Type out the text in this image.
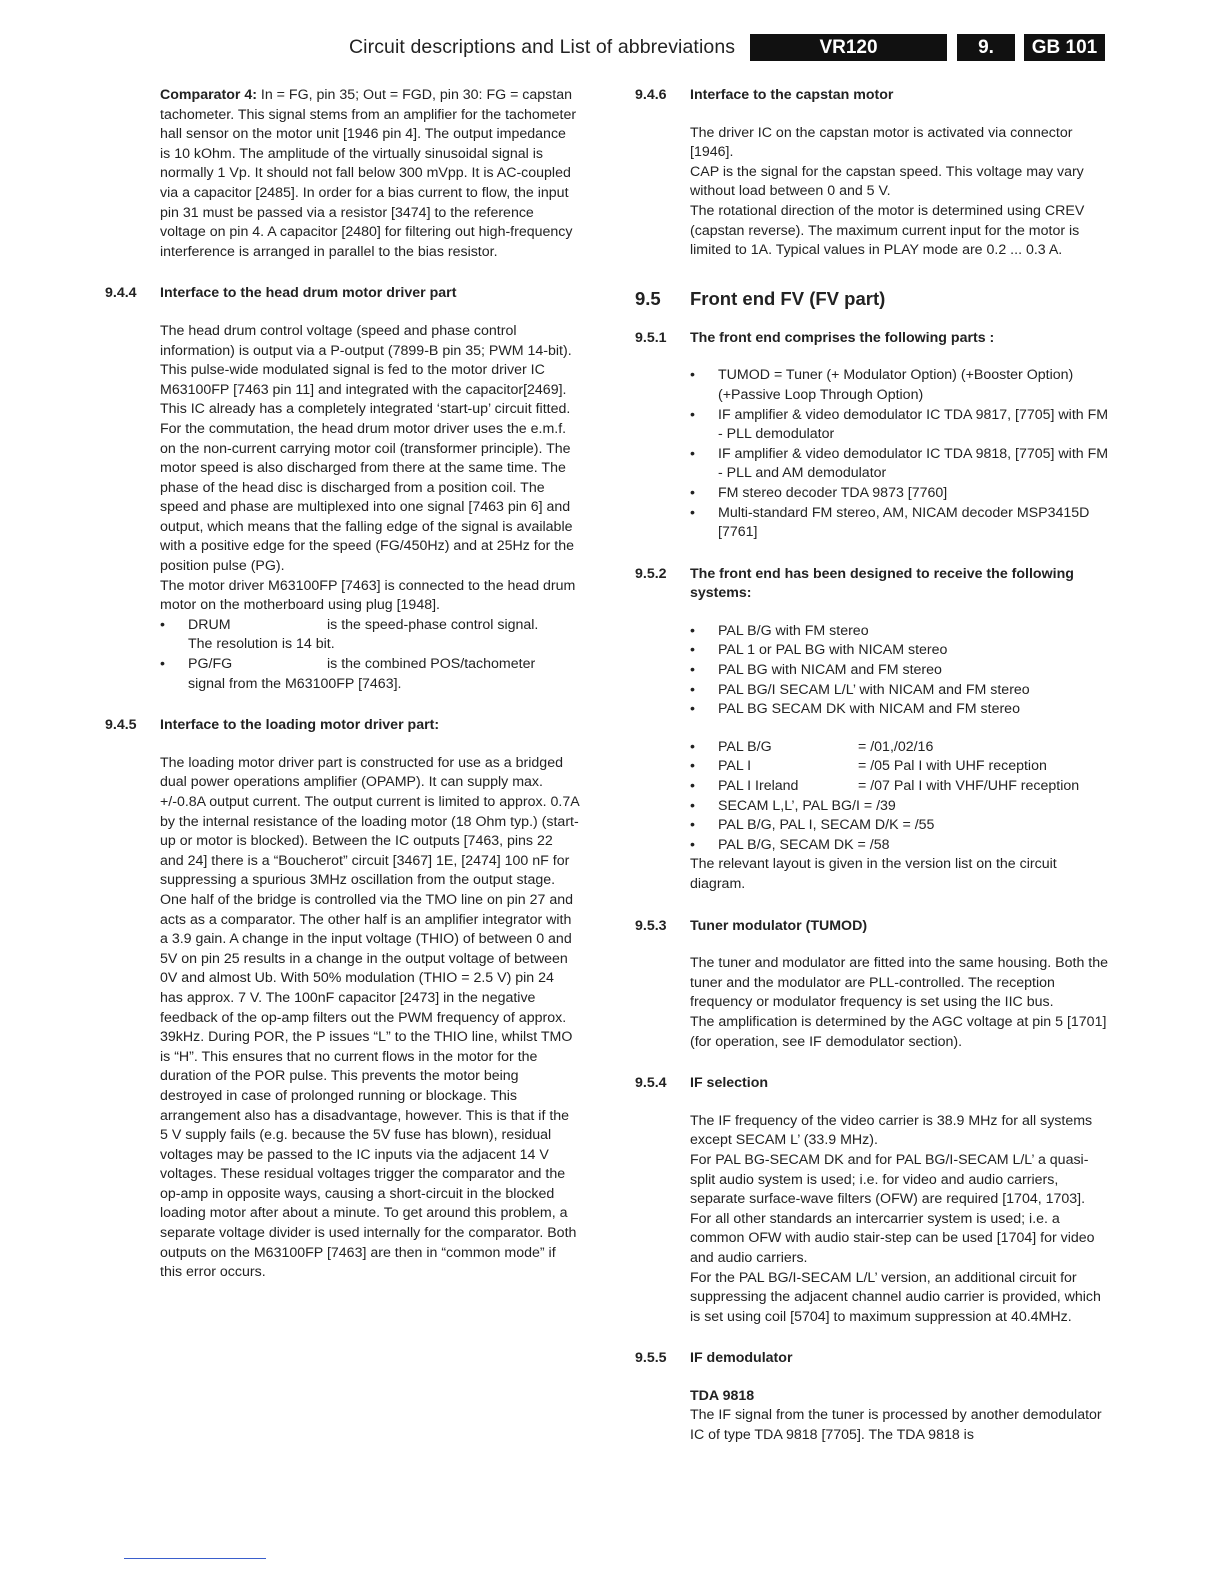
Circuit descriptions and List of abbreviations	VR120	9.	GB 101

Comparator 4: In = FG, pin 35; Out = FGD, pin 30: FG = capstan tachometer. This signal stems from an amplifier for the tachometer hall sensor on the motor unit [1946 pin 4]. The output impedance is 10 kOhm. The amplitude of the virtually sinusoidal signal is normally 1 Vp. It should not fall below 300 mVpp. It is AC-coupled via a capacitor [2485]. In order for a bias current to flow, the input pin 31 must be passed via a resistor [3474] to the reference voltage on pin 4. A capacitor [2480] for filtering out high-frequency interference is arranged in parallel to the bias resistor.

9.4.4 Interface to the head drum motor driver part

The head drum control voltage (speed and phase control information) is output via a P-output (7899-B pin 35; PWM 14-bit). This pulse-wide modulated signal is fed to the motor driver IC M63100FP [7463 pin 11] and integrated with the capacitor[2469]. This IC already has a completely integrated ‘start-up’ circuit fitted. For the commutation, the head drum motor driver uses the e.m.f. on the non-current carrying motor coil (transformer principle). The motor speed is also discharged from there at the same time. The phase of the head disc is discharged from a position coil. The speed and phase are multiplexed into one signal [7463 pin 6] and output, which means that the falling edge of the signal is available with a positive edge for the speed (FG/450Hz) and at 25Hz for the position pulse (PG).

The motor driver M63100FP [7463] is connected to the head drum motor on the motherboard using plug [1948].

• DRUM	is the speed-phase control signal.
The resolution is 14 bit.
• PG/FG	is the combined POS/tachometer
signal from the M63100FP [7463].
9.4.5 Interface to the loading motor driver part:

The loading motor driver part is constructed for use as a bridged dual power operations amplifier (OPAMP). It can supply max. +/-0.8A output current. The output current is limited to approx. 0.7A by the internal resistance of the loading motor (18 Ohm typ.) (start-up or motor is blocked). Between the IC outputs [7463, pins 22 and 24] there is a “Boucherot” circuit [3467] 1E, [2474] 100 nF for suppressing a spurious 3MHz oscillation from the output stage. One half of the bridge is controlled via the TMO line on pin 27 and acts as a comparator. The other half is an amplifier integrator with a 3.9 gain. A change in the input voltage (THIO) of between 0 and 5V on pin 25 results in a change in the output voltage of between 0V and almost Ub. With 50% modulation (THIO = 2.5 V) pin 24 has approx. 7 V. The 100nF capacitor [2473] in the negative feedback of the op-amp filters out the PWM frequency of approx. 39kHz. During POR, the P issues “L” to the THIO line, whilst TMO is “H”. This ensures that no current flows in the motor for the duration of the POR pulse. This prevents the motor being destroyed in case of prolonged running or blockage. This arrangement also has a disadvantage, however. This is that if the 5 V supply fails (e.g. because the 5V fuse has blown), residual voltages may be passed to the IC inputs via the adjacent 14 V voltages. These residual voltages trigger the comparator and the op-amp in opposite ways, causing a short-circuit in the blocked loading motor after about a minute. To get around this problem, a separate voltage divider is used internally for the comparator. Both outputs on the M63100FP [7463] are then in “common mode” if this error occurs.

9.4.6 Interface to the capstan motor

The driver IC on the capstan motor is activated via connector [1946].

CAP is the signal for the capstan speed. This voltage may vary without load between 0 and 5 V.

The rotational direction of the motor is determined using CREV (capstan reverse). The maximum current input for the motor is limited to 1A. Typical values in PLAY mode are 0.2 ... 0.3 A.

9.5 Front end FV (FV part)
9.5.1 The front end comprises the following parts :
• TUMOD = Tuner (+ Modulator Option) (+Booster Option) (+Passive Loop Through Option)
• IF amplifier & video demodulator IC TDA 9817, [7705] with FM - PLL demodulator
• IF amplifier & video demodulator IC TDA 9818, [7705] with FM - PLL and AM demodulator
• FM stereo decoder TDA 9873 [7760]
• Multi-standard FM stereo, AM, NICAM decoder MSP3415D [7761]
9.5.2 The front end has been designed to receive the following systems:
• PAL B/G with FM stereo
• PAL 1 or PAL BG with NICAM stereo
• PAL BG with NICAM and FM stereo
• PAL BG/I SECAM L/L’ with NICAM and FM stereo
• PAL BG SECAM DK with NICAM and FM stereo
• PAL B/G	= /01,/02/16
• PAL I	= /05 Pal I with UHF reception
• PAL I Ireland	= /07 Pal I with VHF/UHF reception
• SECAM L,L’, PAL BG/I = /39
• PAL B/G, PAL I, SECAM D/K = /55
• PAL B/G, SECAM DK = /58

The relevant layout is given in the version list on the circuit diagram.

9.5.3 Tuner modulator (TUMOD)

The tuner and modulator are fitted into the same housing. Both the tuner and the modulator are PLL-controlled. The reception frequency or modulator frequency is set using the IIC bus.

The amplification is determined by the AGC voltage at pin 5 [1701] (for operation, see IF demodulator section).

9.5.4 IF selection

The IF frequency of the video carrier is 38.9 MHz for all systems except SECAM L’ (33.9 MHz).

For PAL BG-SECAM DK and for PAL BG/I-SECAM L/L’ a quasi-split audio system is used; i.e. for video and audio carriers, separate surface-wave filters (OFW) are required [1704, 1703]. For all other standards an intercarrier system is used; i.e. a common OFW with audio stair-step can be used [1704] for video and audio carriers.

For the PAL BG/I-SECAM L/L’ version, an additional circuit for suppressing the adjacent channel audio carrier is provided, which is set using coil [5704] to maximum suppression at 40.4MHz.

9.5.5 IF demodulator

TDA 9818

The IF signal from the tuner is processed by another demodulator IC of type TDA 9818 [7705]. The TDA 9818 is
